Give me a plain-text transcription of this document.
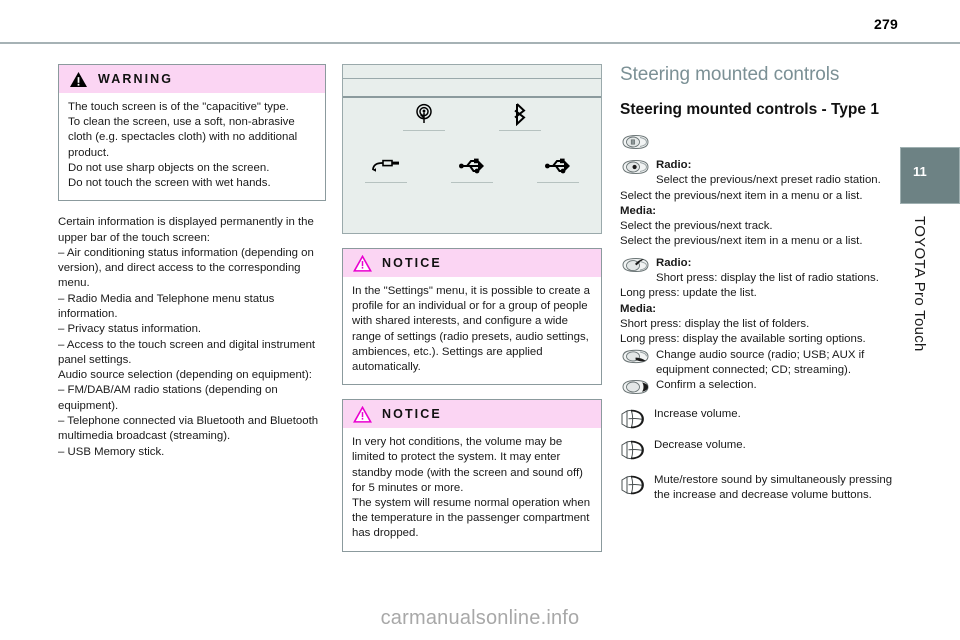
279
11
TOYOTA Pro Touch
WARNING

The touch screen is of the "capacitive" type.

To clean the screen, use a soft, non-abrasive cloth (e.g. spectacles cloth) with no additional product.

Do not use sharp objects on the screen.

Do not touch the screen with wet hands.

Certain information is displayed permanently in the upper bar of the touch screen:

– Air conditioning status information (depending on version), and direct access to the corresponding menu.

– Radio Media and Telephone menu status information.

– Privacy status information.

– Access to the touch screen and digital instrument panel settings.

Audio source selection (depending on equipment):

– FM/DAB/AM radio stations (depending on equipment).

– Telephone connected via Bluetooth and Bluetooth multimedia broadcast (streaming).

– USB Memory stick.

NOTICE

In the "Settings" menu, it is possible to create a profile for an individual or for a group of people with shared interests, and configure a wide range of settings (radio presets, audio settings, ambiences, etc.). Settings are applied automatically.

NOTICE

In very hot conditions, the volume may be limited to protect the system. It may enter standby mode (with the screen and sound off) for 5 minutes or more.

The system will resume normal operation when the temperature in the passenger compartment has dropped.

Steering mounted controls
Steering mounted controls - Type 1
Radio:

Select the previous/next preset radio station.

Select the previous/next item in a menu or a list.

Media:

Select the previous/next track.

Select the previous/next item in a menu or a list.

Radio:

Short press: display the list of radio stations.

Long press: update the list.

Media:

Short press: display the list of folders.

Long press: display the available sorting options.

Change audio source (radio; USB; AUX if equipment connected; CD; streaming).

Confirm a selection.

Increase volume.

Decrease volume.

Mute/restore sound by simultaneously pressing the increase and decrease volume buttons.

carmanualsonline.info
